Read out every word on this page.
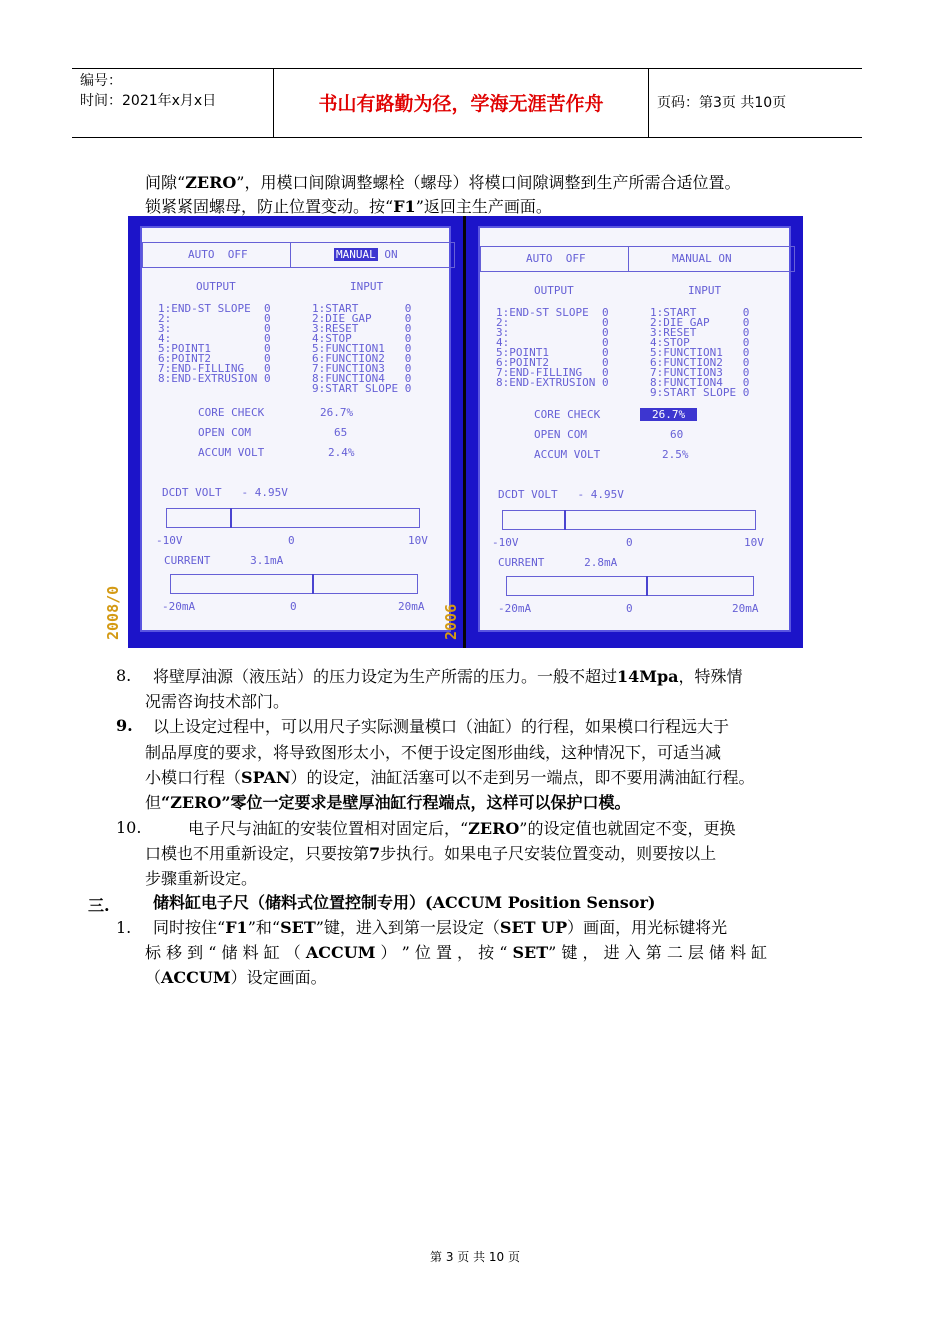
编号：
时间：2021年x月x日	书山有路勤为径，学海无涯苦作舟	页码：第3页 共10页
间隙“ZERO”，用模口间隙调整螺栓（螺母）将模口间隙调整到生产所需合适位置。
锁紧紧固螺母，防止位置变动。按“F1”返回主生产画面。
AUTO  OFF	MANUAL ON
OUTPUT	INPUT
1:END-ST SLOPE  0
2:              0
3:              0
4:              0
5:POINT1        0
6:POINT2        0
7:END-FILLING   0
8:END-EXTRUSION 0
1:START       0
2:DIE GAP     0
3:RESET       0
4:STOP        0
5:FUNCTION1   0
6:FUNCTION2   0
7:FUNCTION3   0
8:FUNCTION4   0
9:START SLOPE 0
CORE CHECK	26.7%
OPEN COM	65
ACCUM VOLT	2.4%
DCDT VOLT   - 4.95V
-10V	0	10V
CURRENT      3.1mA
-20mA	0	20mA
2008/0
AUTO  OFF	MANUAL ON
OUTPUT	INPUT
1:END-ST SLOPE  0
2:              0
3:              0
4:              0
5:POINT1        0
6:POINT2        0
7:END-FILLING   0
8:END-EXTRUSION 0
1:START       0
2:DIE GAP     0
3:RESET       0
4:STOP        0
5:FUNCTION1   0
6:FUNCTION2   0
7:FUNCTION3   0
8:FUNCTION4   0
9:START SLOPE 0
CORE CHECK	26.7%
OPEN COM	60
ACCUM VOLT	2.5%
DCDT VOLT   - 4.95V
-10V	0	10V
CURRENT      2.8mA
-20mA	0	20mA
2006
8. 将壁厚油源（液压站）的压力设定为生产所需的压力。一般不超过14Mpa，特殊情
况需咨询技术部门。
9. 以上设定过程中，可以用尺子实际测量模口（油缸）的行程，如果模口行程远大于
制品厚度的要求，将导致图形太小，不便于设定图形曲线，这种情况下，可适当减
小模口行程（SPAN）的设定，油缸活塞可以不走到另一端点，即不要用满油缸行程。
但“ZERO”零位一定要求是壁厚油缸行程端点，这样可以保护口模。
10.	电子尺与油缸的安装位置相对固定后，“ZERO”的设定值也就固定不变，更换
口模也不用重新设定，只要按第7步执行。如果电子尺安装位置变动，则要按以上
步骤重新设定。
三.	储料缸电子尺（储料式位置控制专用）(ACCUM Position Sensor)
1. 同时按住“F1”和“SET”键，进入到第一层设定（SET UP）画面，用光标键将光
标 移 到 “ 储 料 缸 （ ACCUM ） ” 位 置 ， 按 “ SET” 键 ， 进 入 第 二 层 储 料 缸
（ACCUM）设定画面。
第 3 页 共 10 页
